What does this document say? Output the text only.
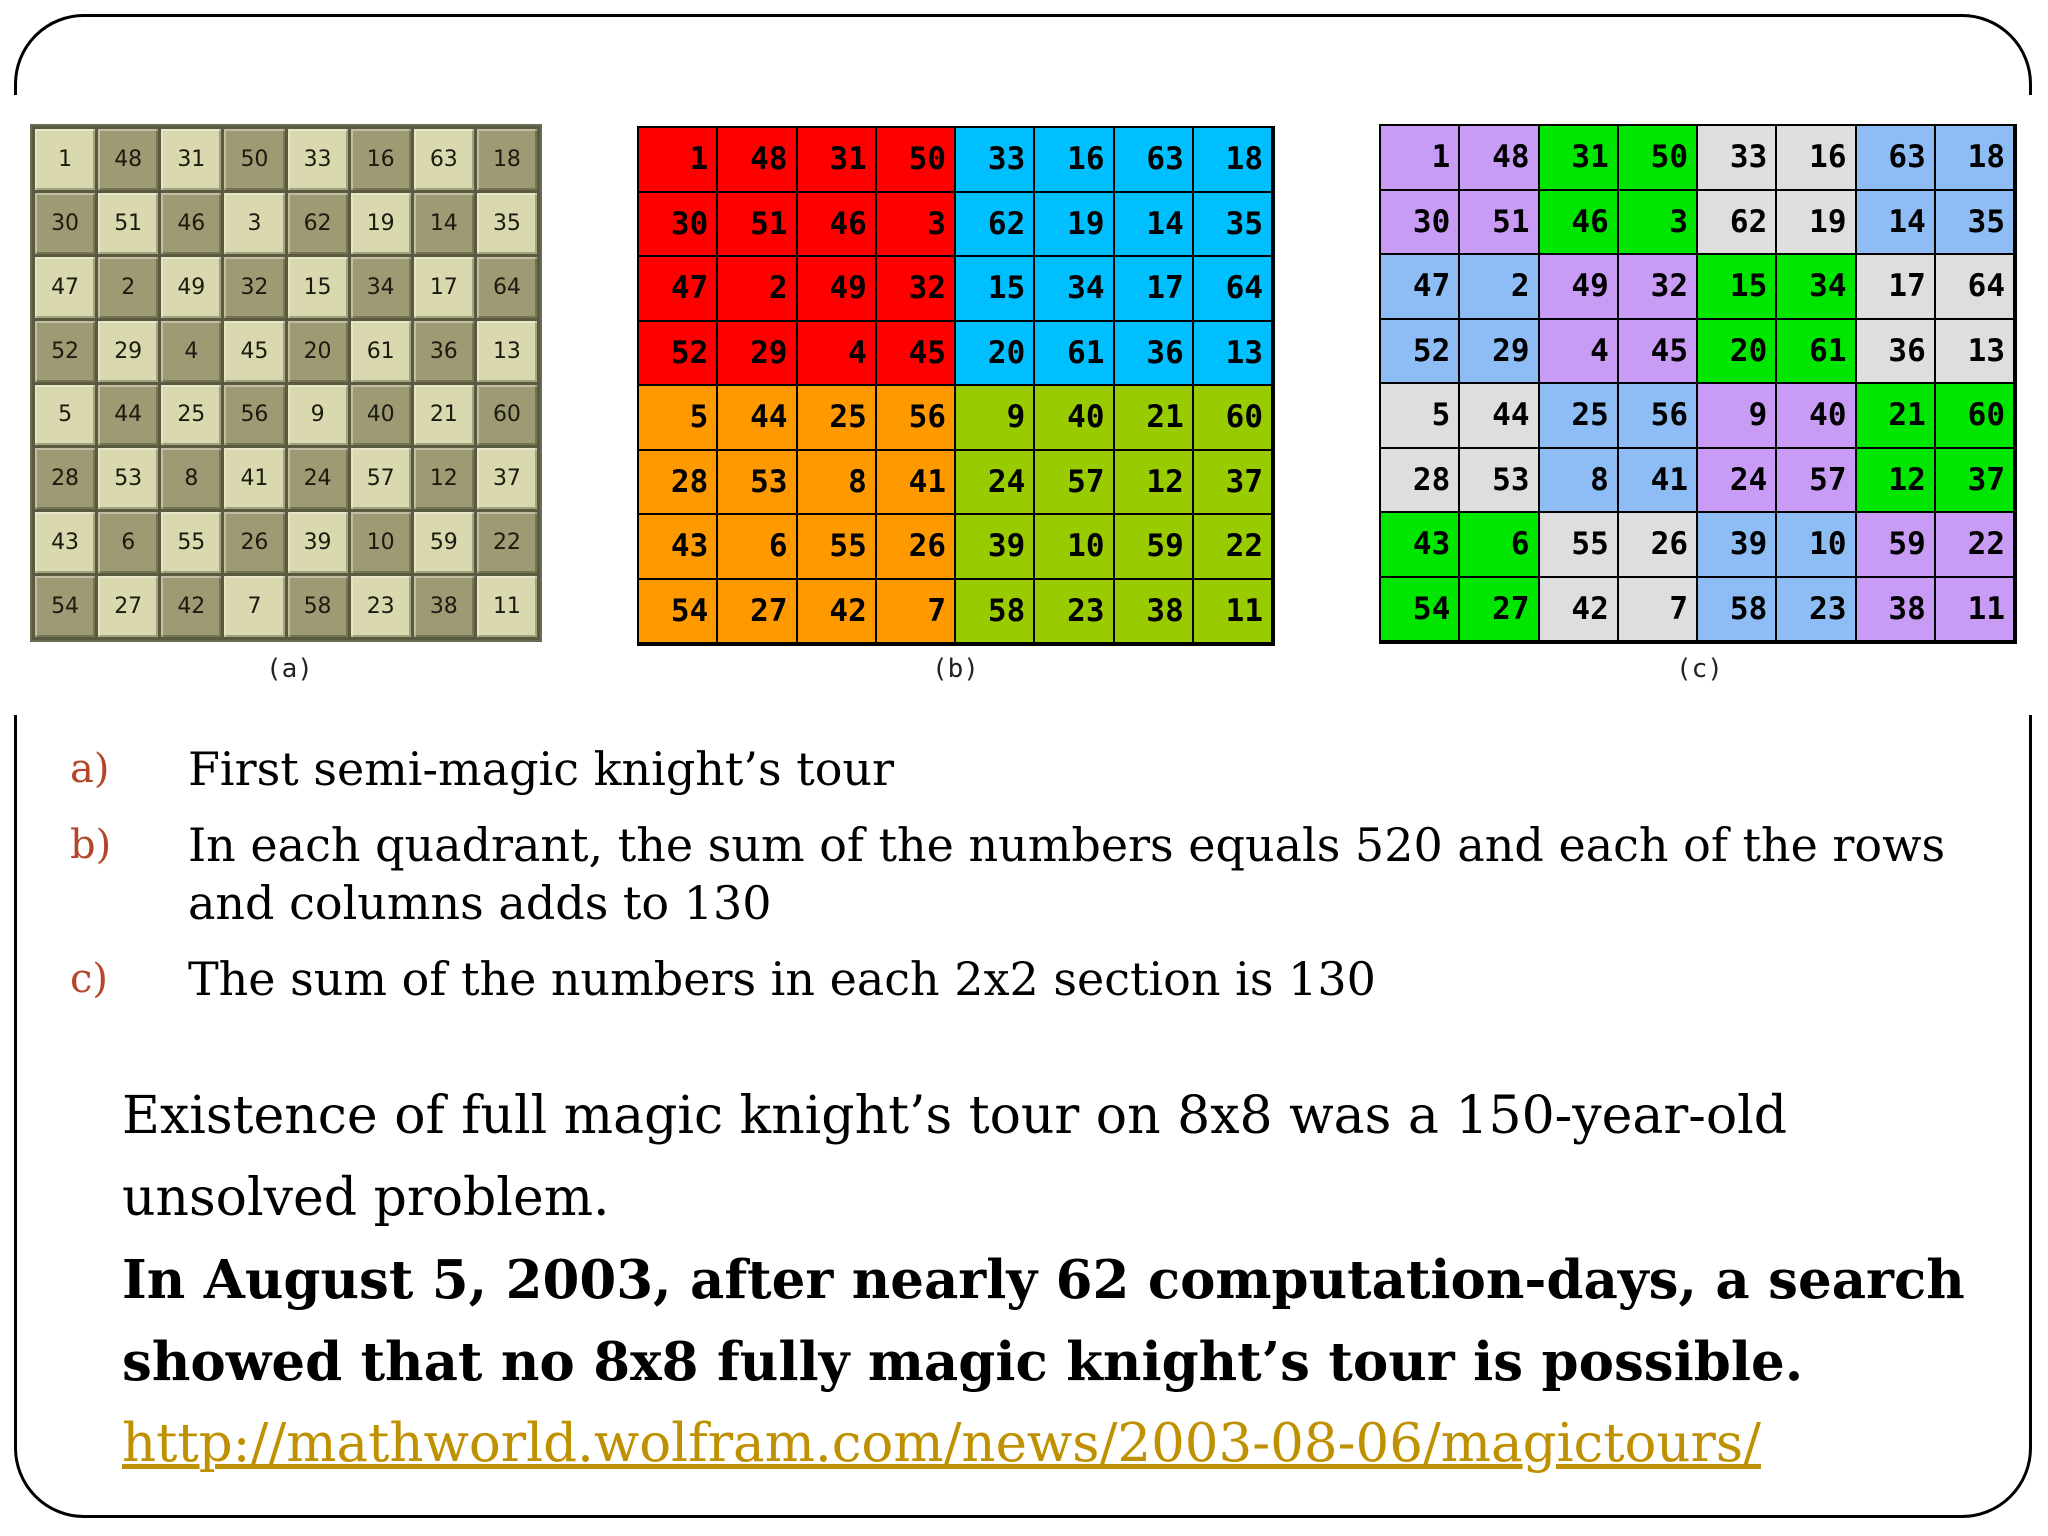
1	48	31	50	33	16	63	18
30	51	46	3	62	19	14	35
47	2	49	32	15	34	17	64
52	29	4	45	20	61	36	13
5	44	25	56	9	40	21	60
28	53	8	41	24	57	12	37
43	6	55	26	39	10	59	22
54	27	42	7	58	23	38	11
1	48	31	50	33	16	63	18
30	51	46	3	62	19	14	35
47	2	49	32	15	34	17	64
52	29	4	45	20	61	36	13
5	44	25	56	9	40	21	60
28	53	8	41	24	57	12	37
43	6	55	26	39	10	59	22
54	27	42	7	58	23	38	11
1	48	31	50	33	16	63	18
30	51	46	3	62	19	14	35
47	2	49	32	15	34	17	64
52	29	4	45	20	61	36	13
5	44	25	56	9	40	21	60
28	53	8	41	24	57	12	37
43	6	55	26	39	10	59	22
54	27	42	7	58	23	38	11
(a)	(b)	(c)
a)	First semi-magic knight’s tour
b)	In each quadrant, the sum of the numbers equals 520 and each of the rows and columns adds to 130
c)	The sum of the numbers in each 2x2 section is 130
Existence of full magic knight’s tour on 8x8 was a 150-year-old unsolved problem.
In August 5, 2003, after nearly 62 computation-days, a search showed that no 8x8 fully magic knight’s tour is possible.
http://mathworld.wolfram.com/news/2003-08-06/magictours/
